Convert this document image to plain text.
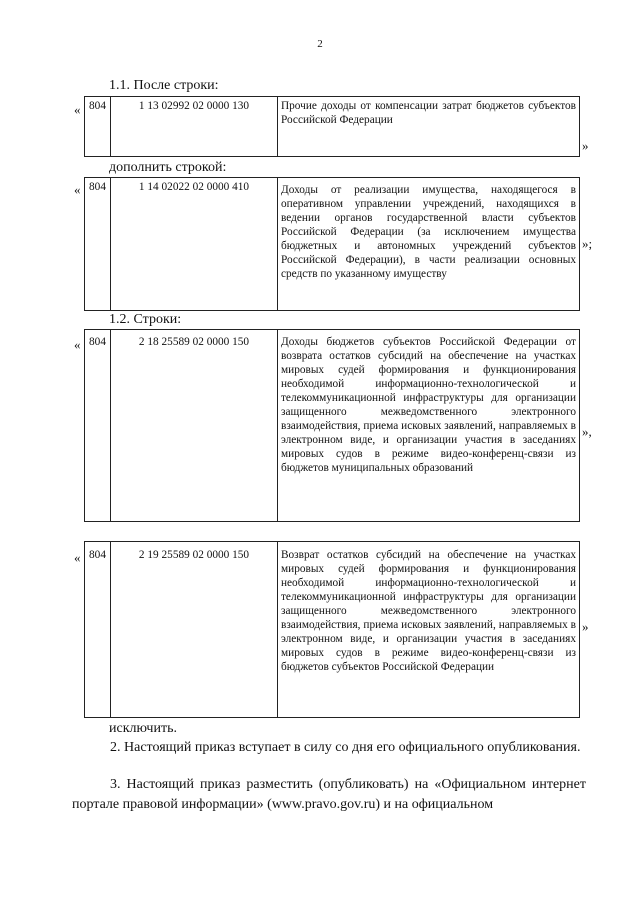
2
1.1. После строки:
« 804	1 13 02992 02 0000 130	Прочие доходы от компенсации затрат бюджетов субъектов Российской Федерации
»
дополнить строкой:
« 804	1 14 02022 02 0000 410	Доходы от реализации имущества, находящегося в оперативном управлении учреждений, находящихся в ведении органов государственной власти субъектов Российской Федерации (за исключением имущества бюджетных и автономных учреждений субъектов Российской Федерации), в части реализации основных средств по указанному имуществу
»;
1.2. Строки:
« 804	2 18 25589 02 0000 150	Доходы бюджетов субъектов Российской Федерации от возврата остатков субсидий на обеспечение на участках мировых судей формирования и функционирования необходимой информационно-технологической и телекоммуникационной инфраструктуры для организации защищенного межведомственного электронного взаимодействия, приема исковых заявлений, направляемых в электронном виде, и организации участия в заседаниях мировых судов в режиме видео-конференц-связи из бюджетов муниципальных образований
»,
« 804	2 19 25589 02 0000 150	Возврат остатков субсидий на обеспечение на участках мировых судей формирования и функционирования необходимой информационно-технологической и телекоммуникационной инфраструктуры для организации защищенного межведомственного электронного взаимодействия, приема исковых заявлений, направляемых в электронном виде, и организации участия в заседаниях мировых судов в режиме видео-конференц-связи из бюджетов субъектов Российской Федерации
»
исключить.
2. Настоящий приказ вступает в силу со дня его официального опубликования.
3. Настоящий приказ разместить (опубликовать) на «Официальном интернет портале правовой информации» (www.pravo.gov.ru) и на официальном
